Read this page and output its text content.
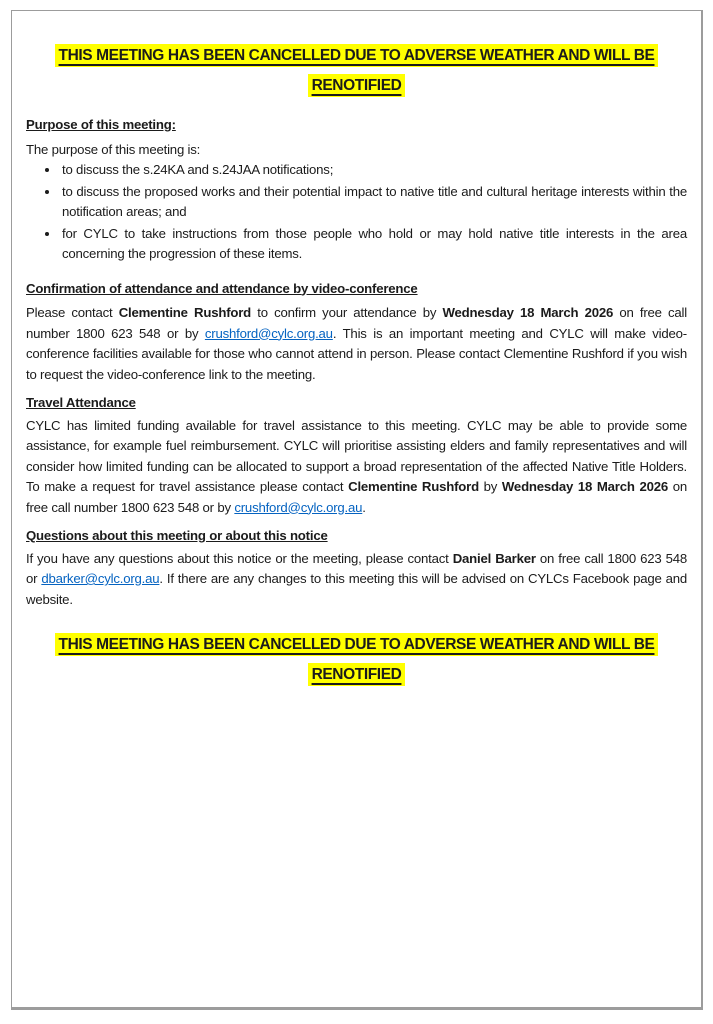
THIS MEETING HAS BEEN CANCELLED DUE TO ADVERSE WEATHER AND WILL BE RENOTIFIED
Purpose of this meeting:

The purpose of this meeting is:

• to discuss the s.24KA and s.24JAA notifications;
• to discuss the proposed works and their potential impact to native title and cultural heritage interests within the notification areas; and
• for CYLC to take instructions from those people who hold or may hold native title interests in the area concerning the progression of these items.
Confirmation of attendance and attendance by video-conference

Please contact Clementine Rushford to confirm your attendance by Wednesday 18 March 2026 on free call number 1800 623 548 or by crushford@cylc.org.au. This is an important meeting and CYLC will make video-conference facilities available for those who cannot attend in person. Please contact Clementine Rushford if you wish to request the video-conference link to the meeting.

Travel Attendance

CYLC has limited funding available for travel assistance to this meeting. CYLC may be able to provide some assistance, for example fuel reimbursement. CYLC will prioritise assisting elders and family representatives and will consider how limited funding can be allocated to support a broad representation of the affected Native Title Holders. To make a request for travel assistance please contact Clementine Rushford by Wednesday 18 March 2026 on free call number 1800 623 548 or by crushford@cylc.org.au.

Questions about this meeting or about this notice

If you have any questions about this notice or the meeting, please contact Daniel Barker on free call 1800 623 548 or dbarker@cylc.org.au. If there are any changes to this meeting this will be advised on CYLCs Facebook page and website.

THIS MEETING HAS BEEN CANCELLED DUE TO ADVERSE WEATHER AND WILL BE RENOTIFIED
